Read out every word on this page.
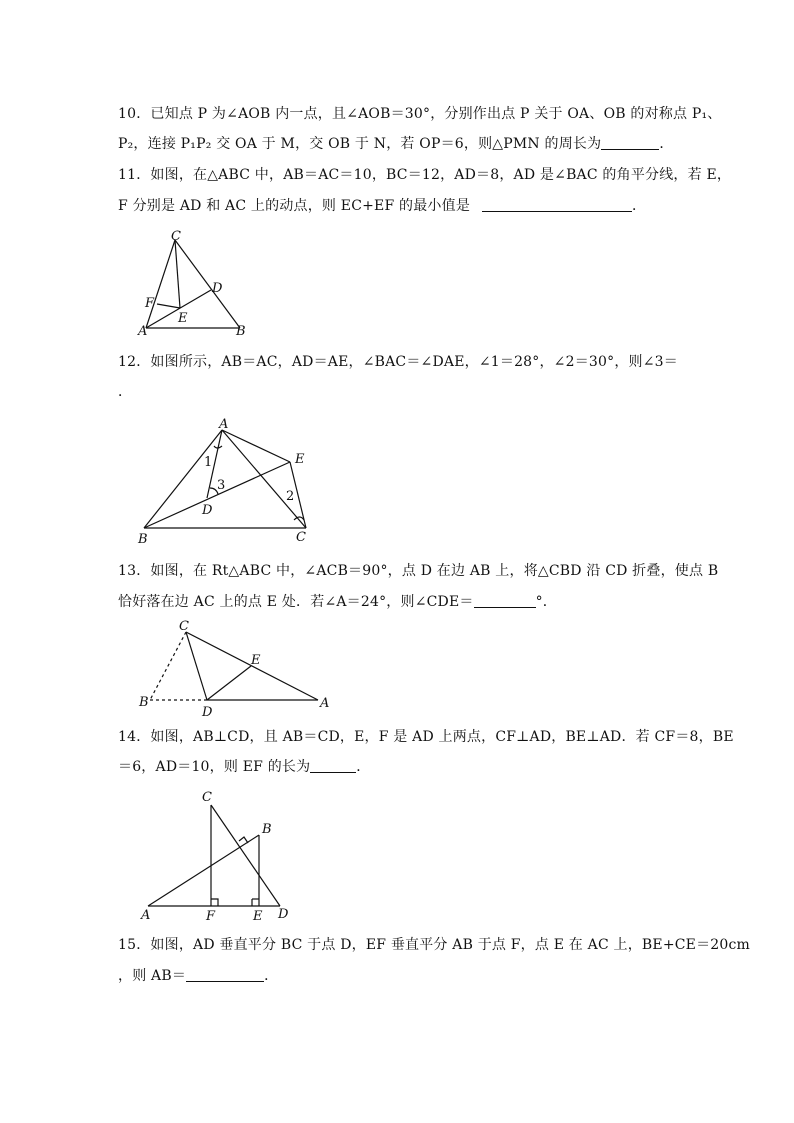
10．已知点 P 为∠AOB 内一点，且∠AOB＝30°，分别作出点 P 关于 OA、OB 的对称点 P₁、
P₂，连接 P₁P₂ 交 OA 于 M，交 OB 于 N，若 OP＝6，则△PMN 的周长为	．
11．如图，在△ABC 中，AB＝AC＝10，BC＝12，AD＝8，AD 是∠BAC 的角平分线，若 E，
F 分别是 AD 和 AC 上的动点，则 EC+EF 的最小值是	．
C
D
F
E
A	B
12．如图所示，AB＝AC，AD＝AE，∠BAC＝∠DAE，∠1＝28°，∠2＝30°，则∠3＝
．
A
E
B	C
D
1
2
3
13．如图，在 Rt△ABC 中，∠ACB＝90°，点 D 在边 AB 上，将△CBD 沿 CD 折叠，使点 B
恰好落在边 AC 上的点 E 处．若∠A＝24°，则∠CDE＝	°．
C
E
B
D
A
14．如图，AB⊥CD，且 AB＝CD，E，F 是 AD 上两点，CF⊥AD，BE⊥AD．若 CF＝8，BE
＝6，AD＝10，则 EF 的长为	．
C
B
A	F	E D
15．如图，AD 垂直平分 BC 于点 D，EF 垂直平分 AB 于点 F，点 E 在 AC 上，BE+CE＝20cm
，则 AB＝	．
